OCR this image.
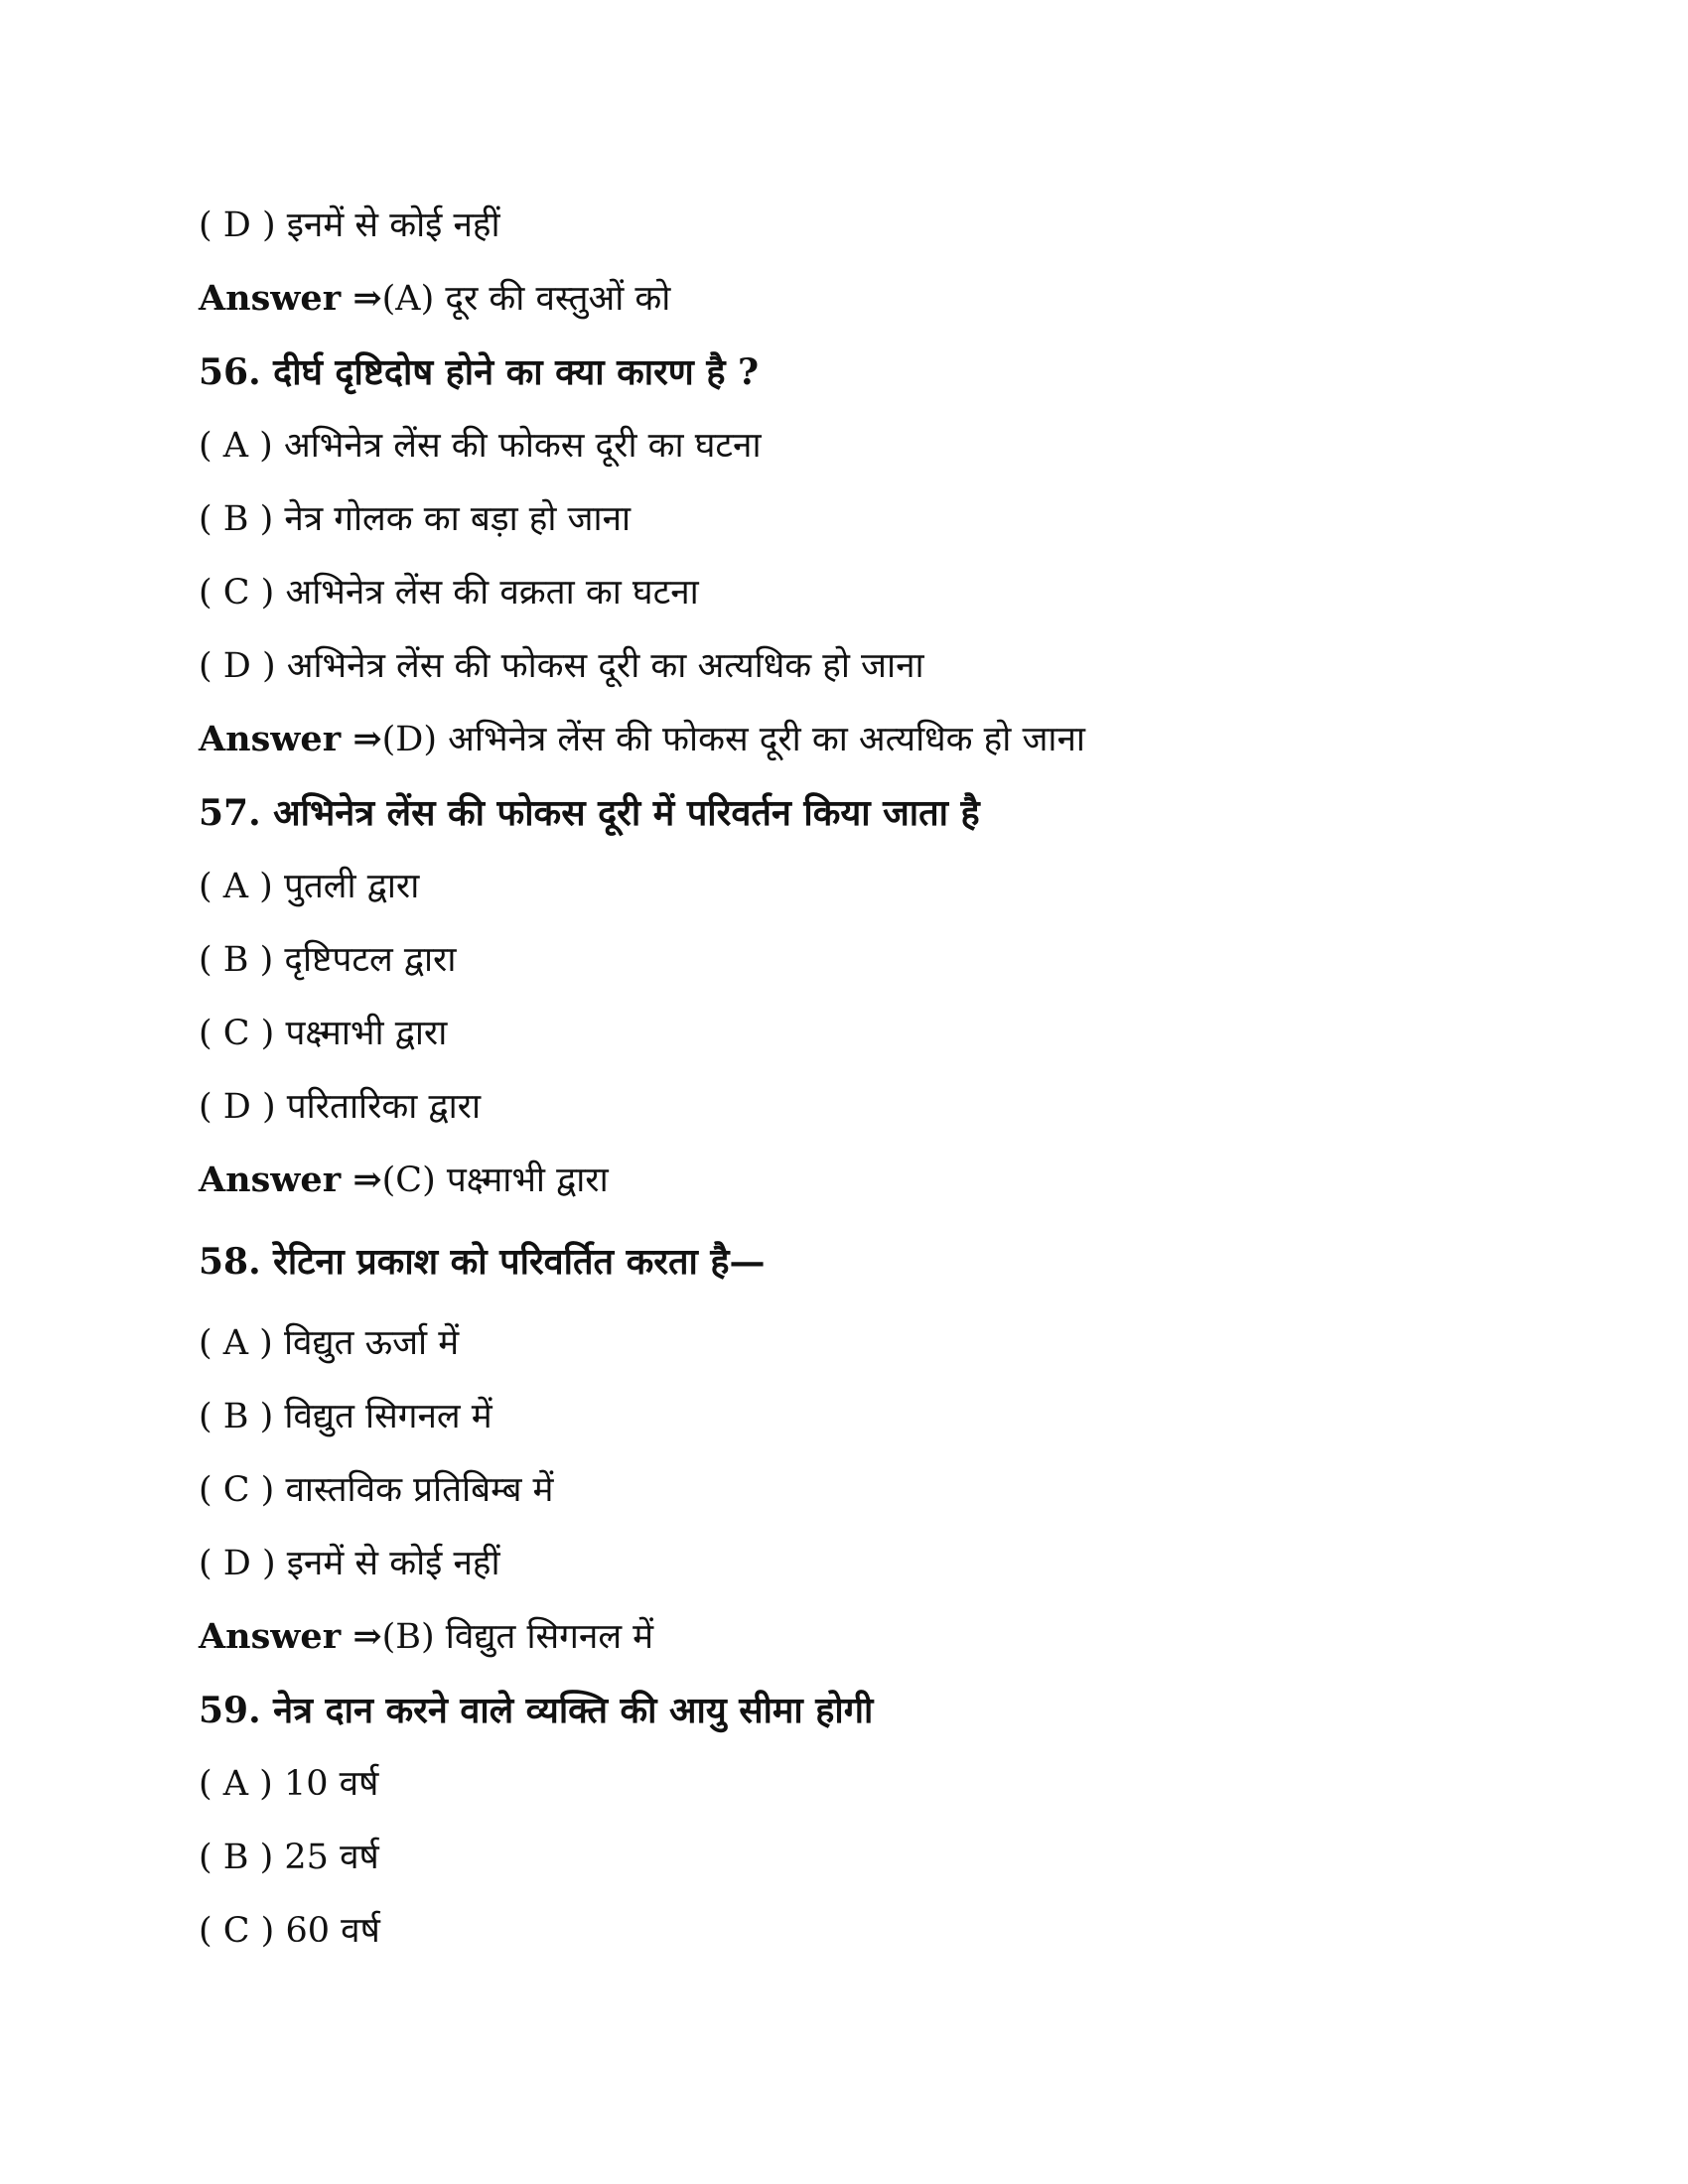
( D ) इनमें से कोई नहीं
Answer ⇒(A) दूर की वस्तुओं को
56. दीर्घ दृष्टिदोष होने का क्या कारण है ?
( A ) अभिनेत्र लेंस की फोकस दूरी का घटना
( B ) नेत्र गोलक का बड़ा हो जाना
( C ) अभिनेत्र लेंस की वक्रता का घटना
( D ) अभिनेत्र लेंस की फोकस दूरी का अत्यधिक हो जाना
Answer ⇒(D) अभिनेत्र लेंस की फोकस दूरी का अत्यधिक हो जाना
57. अभिनेत्र लेंस की फोकस दूरी में परिवर्तन किया जाता है
( A ) पुतली द्वारा
( B ) दृष्टिपटल द्वारा
( C ) पक्ष्माभी द्वारा
( D ) परितारिका द्वारा
Answer ⇒(C) पक्ष्माभी द्वारा
58. रेटिना प्रकाश को परिवर्तित करता है—
( A ) विद्युत ऊर्जा में
( B ) विद्युत सिगनल में
( C ) वास्तविक प्रतिबिम्ब में
( D ) इनमें से कोई नहीं
Answer ⇒(B) विद्युत सिगनल में
59. नेत्र दान करने वाले व्यक्ति की आयु सीमा होगी
( A ) 10 वर्ष
( B ) 25 वर्ष
( C ) 60 वर्ष
